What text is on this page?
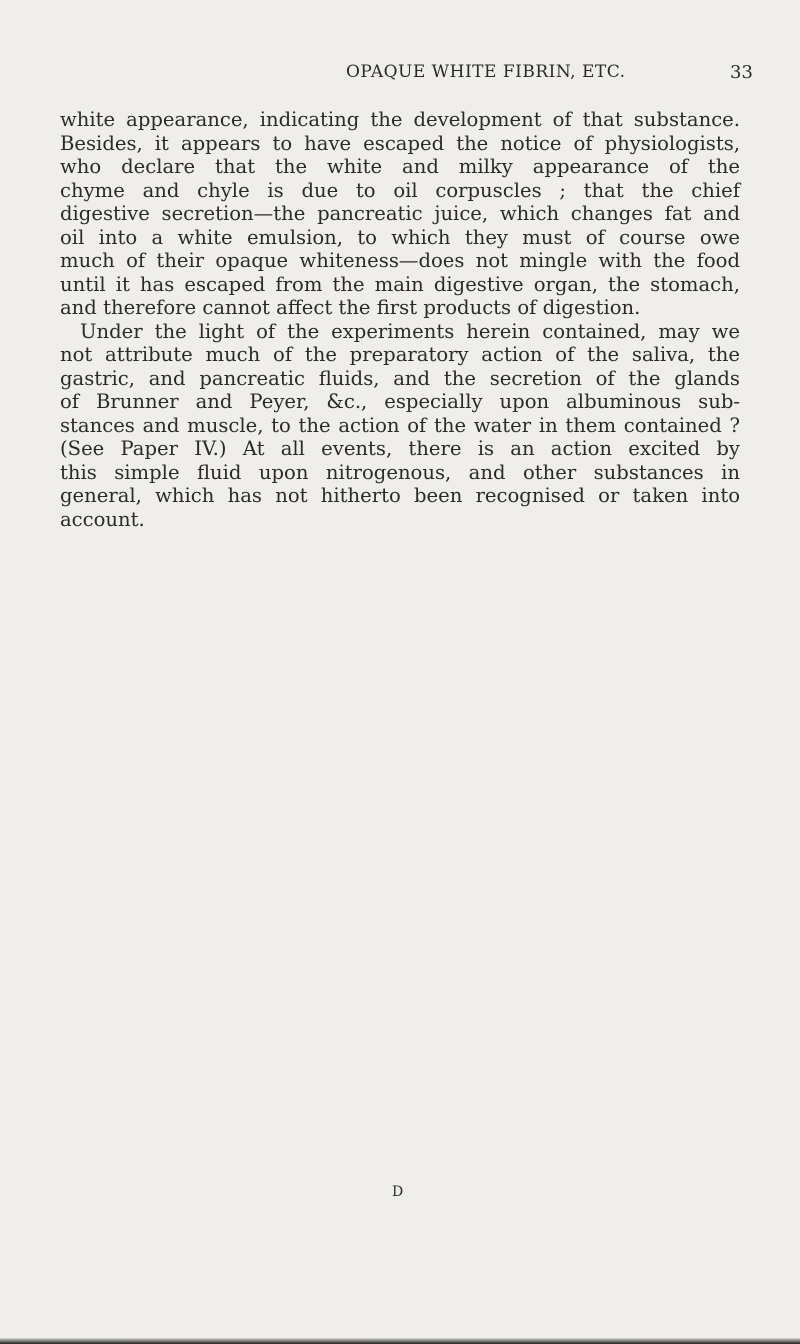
OPAQUE WHITE FIBRIN, ETC.	33
white appearance, indicating the development of that substance.
Besides, it appears to have escaped the notice of physiologists,
who declare that the white and milky appearance of the
chyme and chyle is due to oil corpuscles ; that the chief
digestive secretion—the pancreatic juice, which changes fat and
oil into a white emulsion, to which they must of course owe
much of their opaque whiteness—does not mingle with the food
until it has escaped from the main digestive organ, the stomach,
and therefore cannot affect the first products of digestion.
Under the light of the experiments herein contained, may we
not attribute much of the preparatory action of the saliva, the
gastric, and pancreatic fluids, and the secretion of the glands
of Brunner and Peyer, &c., especially upon albuminous sub-
stances and muscle, to the action of the water in them contained ?
(See Paper IV.) At all events, there is an action excited by
this simple fluid upon nitrogenous, and other substances in
general, which has not hitherto been recognised or taken into
account.
D
